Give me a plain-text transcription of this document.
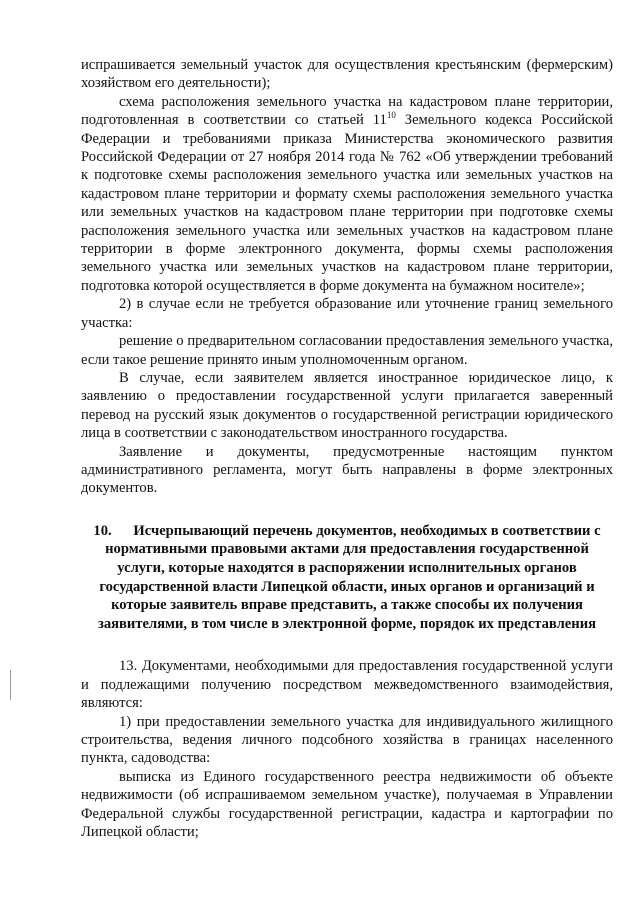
испрашивается земельный участок для осуществления крестьянским (фермерским) хозяйством его деятельности);

схема расположения земельного участка на кадастровом плане территории, подготовленная в соответствии со статьей $11^{10}$ Земельного кодекса Российской Федерации и требованиями приказа Министерства экономического развития Российской Федерации от 27 ноября 2014 года № 762 «Об утверждении требований к подготовке схемы расположения земельного участка или земельных участков на кадастровом плане территории и формату схемы расположения земельного участка или земельных участков на кадастровом плане территории при подготовке схемы расположения земельного участка или земельных участков на кадастровом плане территории в форме электронного документа, формы схемы расположения земельного участка или земельных участков на кадастровом плане территории, подготовка которой осуществляется в форме документа на бумажном носителе»;

2) в случае если не требуется образование или уточнение границ земельного участка:

решение о предварительном согласовании предоставления земельного участка, если такое решение принято иным уполномоченным органом.

В случае, если заявителем является иностранное юридическое лицо, к заявлению о предоставлении государственной услуги прилагается заверенный перевод на русский язык документов о государственной регистрации юридического лица в соответствии с законодательством иностранного государства.

Заявление и документы, предусмотренные настоящим пунктом административного регламента, могут быть направлены в форме электронных документов.

10. Исчерпывающий перечень документов, необходимых в соответствии с нормативными правовыми актами для предоставления государственной услуги, которые находятся в распоряжении исполнительных органов государственной власти Липецкой области, иных органов и организаций и которые заявитель вправе представить, а также способы их получения заявителями, в том числе в электронной форме, порядок их представления

13. Документами, необходимыми для предоставления государственной услуги и подлежащими получению посредством межведомственного взаимодействия, являются:

1) при предоставлении земельного участка для индивидуального жилищного строительства, ведения личного подсобного хозяйства в границах населенного пункта, садоводства:

выписка из Единого государственного реестра недвижимости об объекте недвижимости (об испрашиваемом земельном участке), получаемая в Управлении Федеральной службы государственной регистрации, кадастра и картографии по Липецкой области;
